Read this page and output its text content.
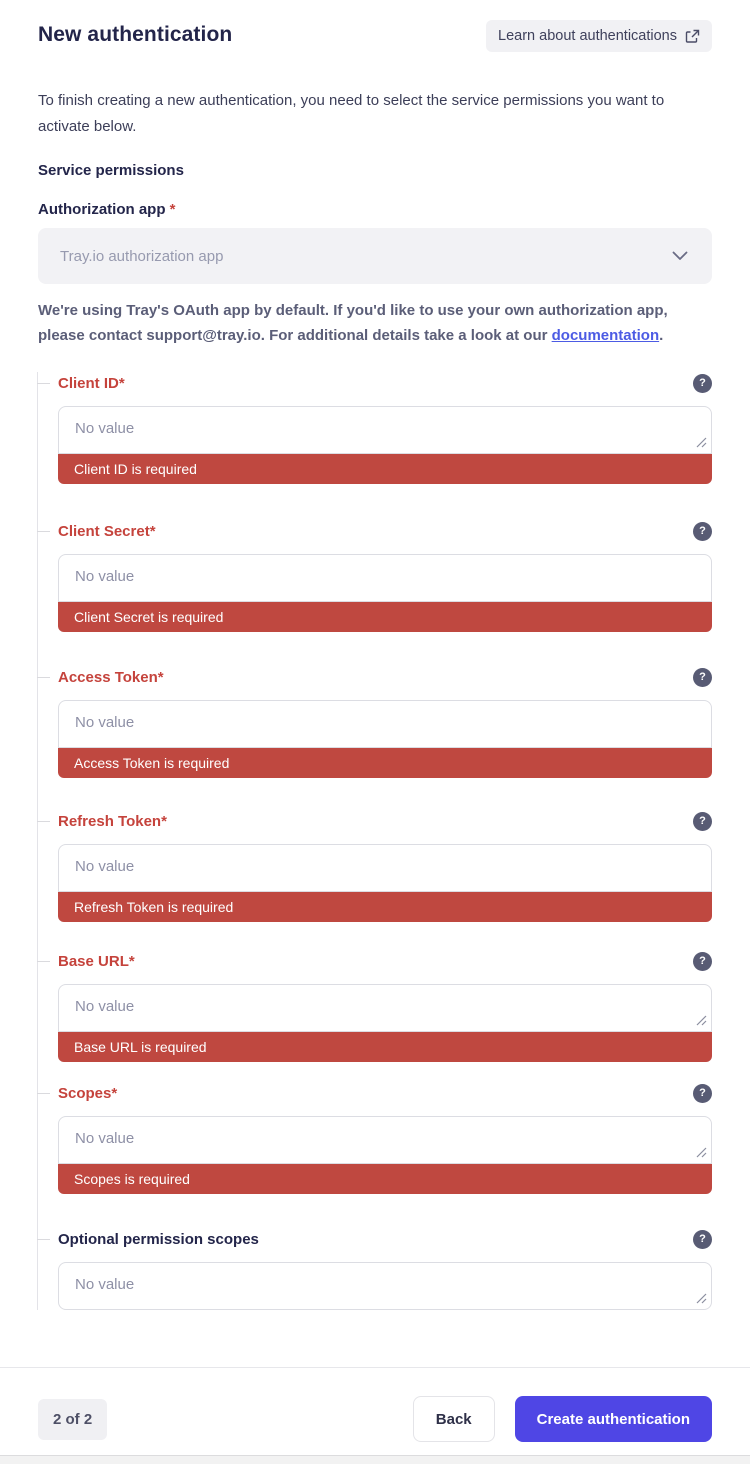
New authentication	Learn about authentications

To finish creating a new authentication, you need to select the service permissions you want to activate below.

Service permissions
Authorization app *
Tray.io authorization app

We're using Tray's OAuth app by default. If you'd like to use your own authorization app, please contact support@tray.io. For additional details take a look at our documentation.

Client ID*	?
No value
Client ID is required
Client Secret*	?
No value
Client Secret is required
Access Token*	?
No value
Access Token is required
Refresh Token*	?
No value
Refresh Token is required
Base URL*	?
No value
Base URL is required
Scopes*	?
No value
Scopes is required
Optional permission scopes	?
No value
2 of 2	Back	Create authentication
